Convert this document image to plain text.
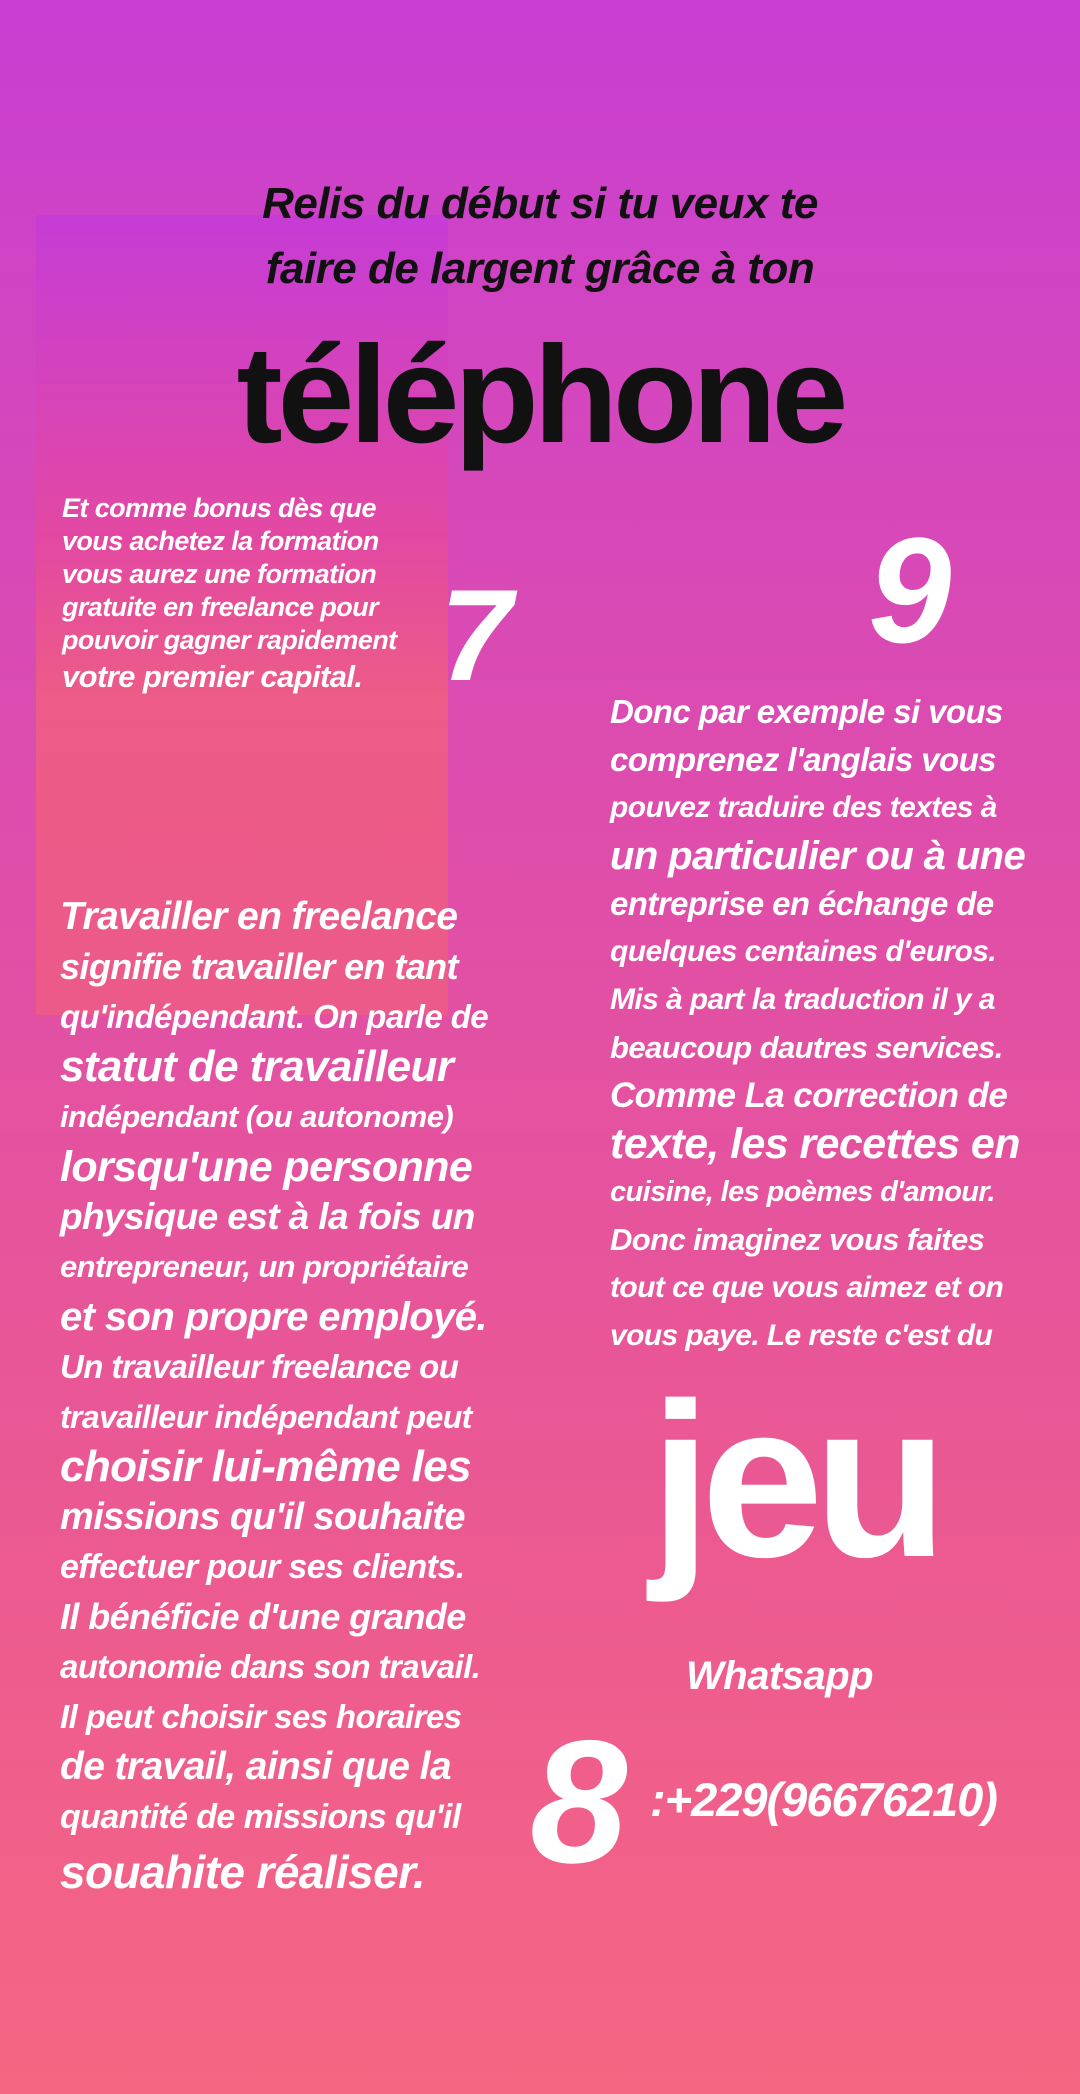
Relis du début si tu veux te
faire de largent grâce à ton
téléphone

Et comme bonus dès que

vous achetez la formation

vous aurez une formation

gratuite en freelance pour

pouvoir gagner rapidement

votre premier capital. 7 9

Donc par exemple si vous

comprenez l'anglais vous

pouvez traduire des textes à

un particulier ou à une

entreprise en échange de

quelques centaines d'euros.

Mis à part la traduction il y a

beaucoup dautres services.

Comme La correction de

texte, les recettes en

cuisine, les poèmes d'amour.

Donc imaginez vous faites

tout ce que vous aimez et on

vous paye. Le reste c'est du

jeu

Travailler en freelance

signifie travailler en tant

qu'indépendant. On parle de

statut de travailleur

indépendant (ou autonome)

lorsqu'une personne

physique est à la fois un

entrepreneur, un propriétaire

et son propre employé.

Un travailleur freelance ou

travailleur indépendant peut

choisir lui-même les

missions qu'il souhaite

effectuer pour ses clients.

Il bénéficie d'une grande

autonomie dans son travail.

Il peut choisir ses horaires

de travail, ainsi que la

quantité de missions qu'il

souahite réaliser.

Whatsapp
8 :+229(96676210)
